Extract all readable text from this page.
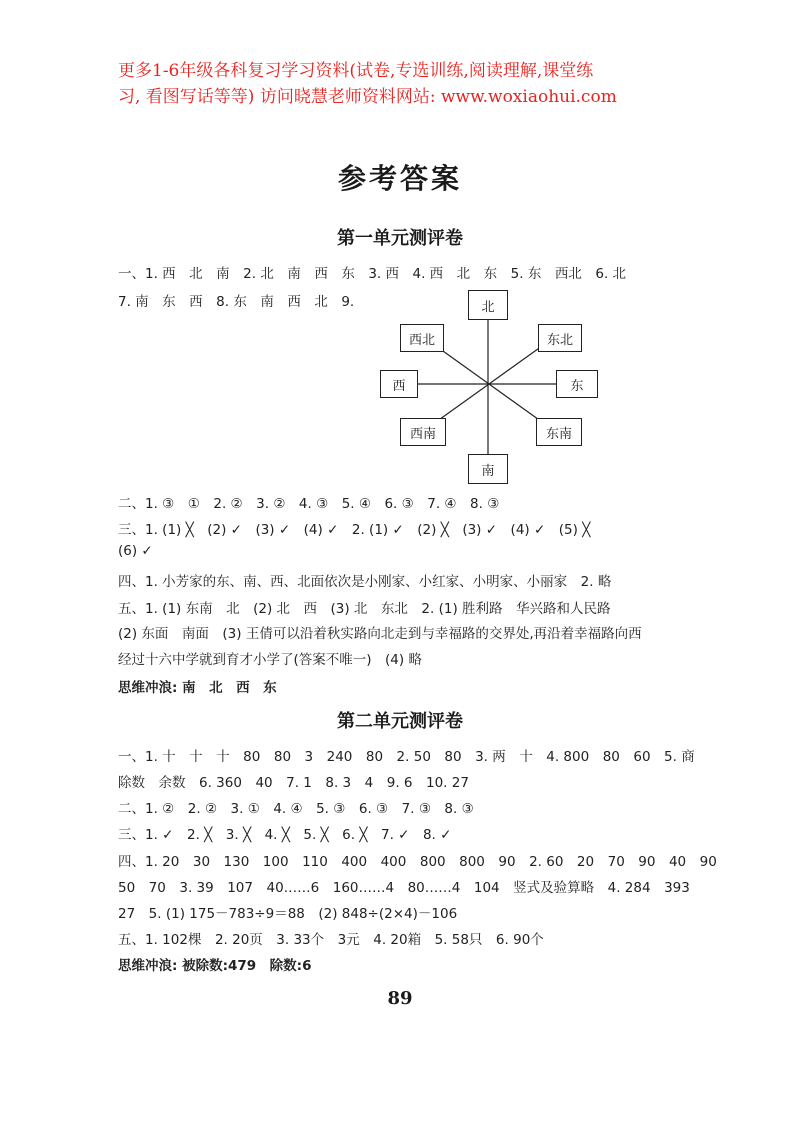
更多1-6年级各科复习学习资料(试卷,专选训练,阅读理解,课堂练
习, 看图写话等等) 访问晓慧老师资料网站: www.woxiaohui.com
参考答案
第一单元测评卷
一、1. 西　北　南　2. 北　南　西　东　3. 西　4. 西　北　东　5. 东　西北　6. 北
7. 南　东　西　8. 东　南　西　北　9.	北
东北
东
东南
南
西南
西
西北
二、1. ③　①　2. ②　3. ②　4. ③　5. ④　6. ③　7. ④　8. ③
三、1. (1) ╳　(2) ✓　(3) ✓　(4) ✓　2. (1) ✓　(2) ╳　(3) ✓　(4) ✓　(5) ╳
(6) ✓
四、1. 小芳家的东、南、西、北面依次是小刚家、小红家、小明家、小丽家　2. 略
五、1. (1) 东南　北　(2) 北　西　(3) 北　东北　2. (1) 胜利路　华兴路和人民路
(2) 东面　南面　(3) 王倩可以沿着秋实路向北走到与幸福路的交界处,再沿着幸福路向西
经过十六中学就到育才小学了(答案不唯一)　(4) 略
思维冲浪: 南　北　西　东
第二单元测评卷
一、1. 十　十　十　80　80　3　240　80　2. 50　80　3. 两　十　4. 800　80　60　5. 商
除数　余数　6. 360　40　7. 1　8. 3　4　9. 6　10. 27
二、1. ②　2. ②　3. ①　4. ④　5. ③　6. ③　7. ③　8. ③
三、1. ✓　2. ╳　3. ╳　4. ╳　5. ╳　6. ╳　7. ✓　8. ✓
四、1. 20　30　130　100　110　400　400　800　800　90　2. 60　20　70　90　40　90
50　70　3. 39　107　40……6　160……4　80……4　104　竖式及验算略　4. 284　393
27　5. (1) 175－783÷9＝88　(2) 848÷(2×4)－106
五、1. 102棵　2. 20页　3. 33个　3元　4. 20箱　5. 58只　6. 90个
思维冲浪: 被除数:479　除数:6
89
